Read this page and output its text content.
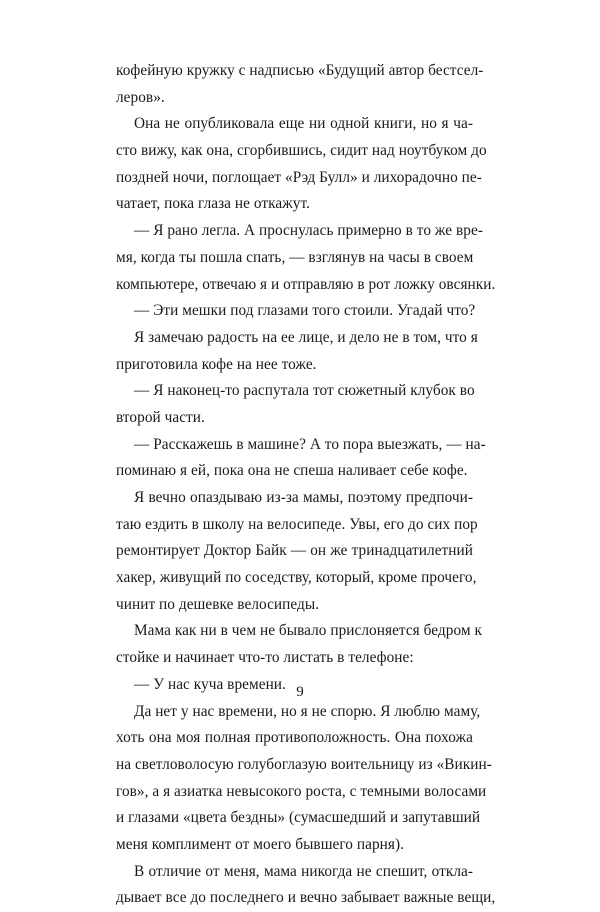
кофейную кружку с надписью «Будущий автор бестсел-
леров».
Она не опубликовала еще ни одной книги, но я ча-
сто вижу, как она, сгорбившись, сидит над ноутбуком до
поздней ночи, поглощает «Рэд Булл» и лихорадочно пе-
чатает, пока глаза не откажут.
— Я рано легла. А проснулась примерно в то же вре-
мя, когда ты пошла спать, — взглянув на часы в своем
компьютере, отвечаю я и отправляю в рот ложку овсянки.
— Эти мешки под глазами того стоили. Угадай что?
Я замечаю радость на ее лице, и дело не в том, что я
приготовила кофе на нее тоже.
— Я наконец-то распутала тот сюжетный клубок во
второй части.
— Расскажешь в машине? А то пора выезжать, — на-
поминаю я ей, пока она не спеша наливает себе кофе.
Я вечно опаздываю из-за мамы, поэтому предпочи-
таю ездить в школу на велосипеде. Увы, его до сих пор
ремонтирует Доктор Байк — он же тринадцатилетний
хакер, живущий по соседству, который, кроме прочего,
чинит по дешевке велосипеды.
Мама как ни в чем не бывало прислоняется бедром к
стойке и начинает что-то листать в телефоне:
— У нас куча времени.
Да нет у нас времени, но я не спорю. Я люблю маму,
хоть она моя полная противоположность. Она похожа
на светловолосую голубоглазую воительницу из «Викин-
гов», а я азиатка невысокого роста, с темными волосами
и глазами «цвета бездны» (сумасшедший и запутавший
меня комплимент от моего бывшего парня).
В отличие от меня, мама никогда не спешит, откла-
дывает все до последнего и вечно забывает важные вещи,
9
